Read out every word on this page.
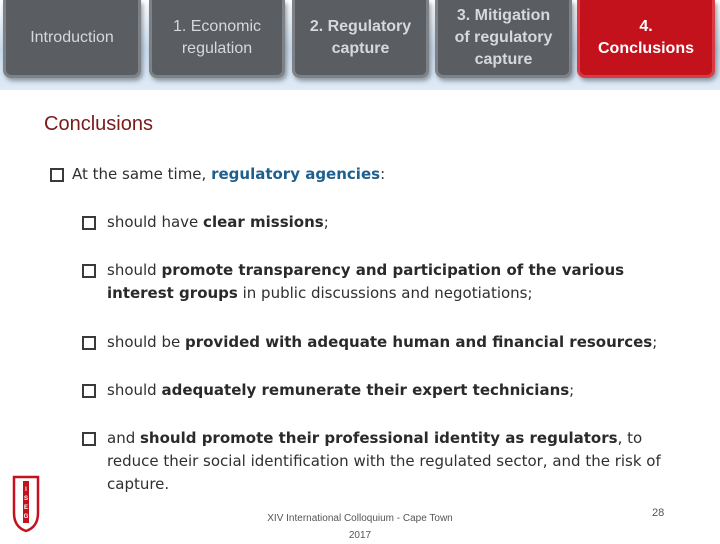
Introduction
1. Economic
regulation
2. Regulatory
capture
3. Mitigation
of regulatory
capture
4.
Conclusions
Conclusions
At the same time, regulatory agencies:
should have clear missions;
should promote transparency and participation of the various interest groups in public discussions and negotiations;
should be provided with adequate human and financial resources;
should adequately remunerate their expert technicians;
and should promote their professional identity as regulators, to reduce their social identification with the regulated sector, and the risk of capture.
I
S
E
G	XIV International Colloquium - Cape Town
2017
28
